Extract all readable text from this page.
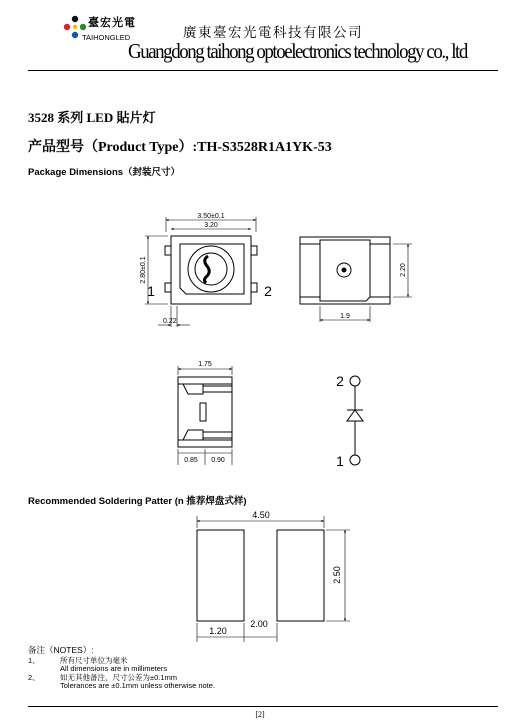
臺宏光電
TAIHONGLED	廣東臺宏光電科技有限公司
Guangdong taihong optoelectronics technology co., ltd
3528 系列 LED 貼片灯
产品型号（Product Type）:TH-S3528R1A1YK-53
Package Dimensions（封装尺寸）
3.50±0.1
3.20
2.80±0.1
0.22
1	2
2.20
1.9
1.75
0.85 0.90
2
1
4.50
2.50
1.20
2.00
Recommended Soldering Patter (n 推荐焊盘式样)
备注（NOTES）:
1、	所有尺寸单位为毫米
All dimensions are in millimeters
2、	如无其他备注，尺寸公差为±0.1mm
Tolerances are ±0.1mm unless otherwise note.
[2]
